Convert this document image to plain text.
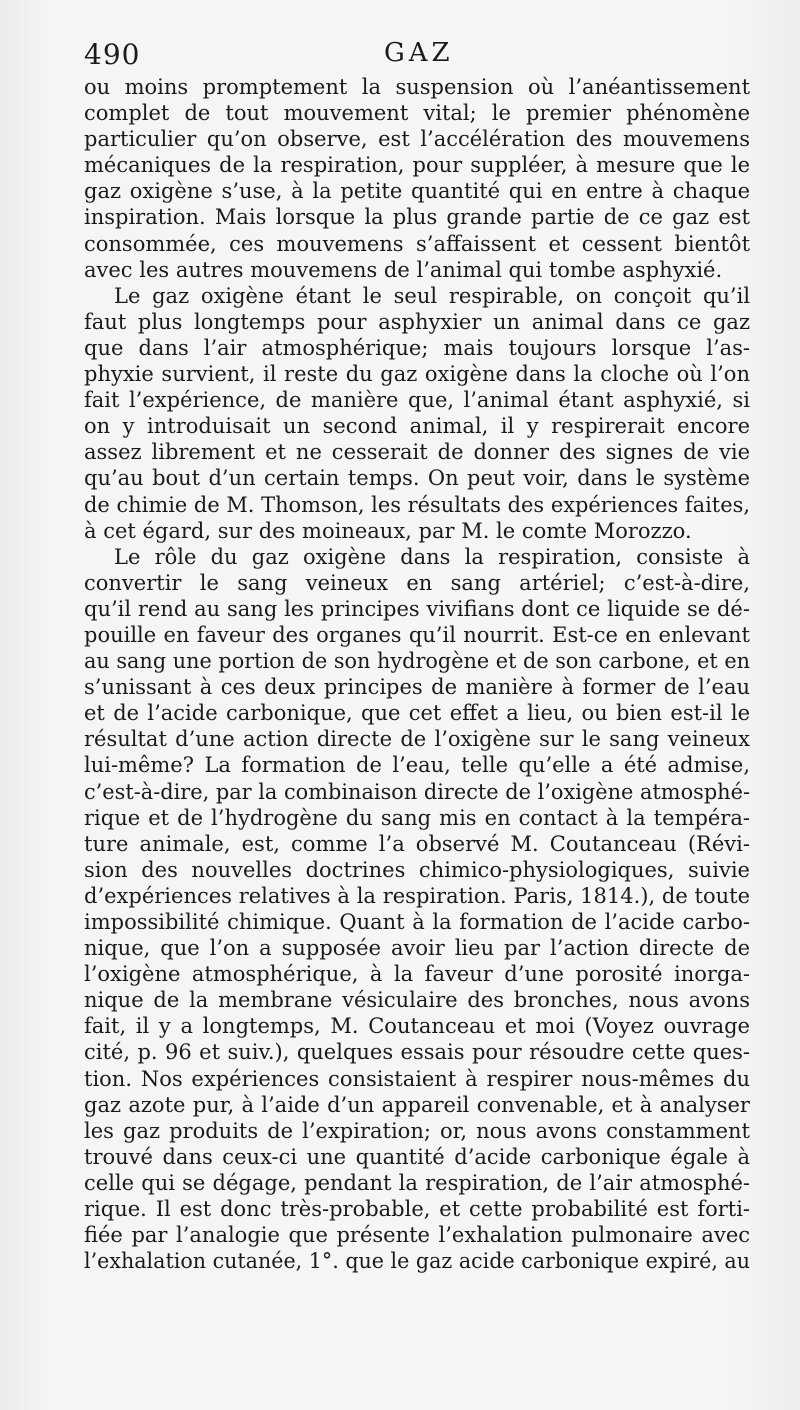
490	GAZ
ou moins promptement la suspension où l’anéantissement
complet de tout mouvement vital; le premier phénomène
particulier qu’on observe, est l’accélération des mouvemens
mécaniques de la respiration, pour suppléer, à mesure que le
gaz oxigène s’use, à la petite quantité qui en entre à chaque
inspiration. Mais lorsque la plus grande partie de ce gaz est
consommée, ces mouvemens s’affaissent et cessent bientôt
avec les autres mouvemens de l’animal qui tombe asphyxié.
Le gaz oxigène étant le seul respirable, on conçoit qu’il
faut plus longtemps pour asphyxier un animal dans ce gaz
que dans l’air atmosphérique; mais toujours lorsque l’as-
phyxie survient, il reste du gaz oxigène dans la cloche où l’on
fait l’expérience, de manière que, l’animal étant asphyxié, si
on y introduisait un second animal, il y respirerait encore
assez librement et ne cesserait de donner des signes de vie
qu’au bout d’un certain temps. On peut voir, dans le système
de chimie de M. Thomson, les résultats des expériences faites,
à cet égard, sur des moineaux, par M. le comte Morozzo.
Le rôle du gaz oxigène dans la respiration, consiste à
convertir le sang veineux en sang artériel; c’est-à-dire,
qu’il rend au sang les principes vivifians dont ce liquide se dé-
pouille en faveur des organes qu’il nourrit. Est-ce en enlevant
au sang une portion de son hydrogène et de son carbone, et en
s’unissant à ces deux principes de manière à former de l’eau
et de l’acide carbonique, que cet effet a lieu, ou bien est-il le
résultat d’une action directe de l’oxigène sur le sang veineux
lui-même? La formation de l’eau, telle qu’elle a été admise,
c’est-à-dire, par la combinaison directe de l’oxigène atmosphé-
rique et de l’hydrogène du sang mis en contact à la tempéra-
ture animale, est, comme l’a observé M. Coutanceau (Révi-
sion des nouvelles doctrines chimico-physiologiques, suivie
d’expériences relatives à la respiration. Paris, 1814.), de toute
impossibilité chimique. Quant à la formation de l’acide carbo-
nique, que l’on a supposée avoir lieu par l’action directe de
l’oxigène atmosphérique, à la faveur d’une porosité inorga-
nique de la membrane vésiculaire des bronches, nous avons
fait, il y a longtemps, M. Coutanceau et moi (Voyez ouvrage
cité, p. 96 et suiv.), quelques essais pour résoudre cette ques-
tion. Nos expériences consistaient à respirer nous-mêmes du
gaz azote pur, à l’aide d’un appareil convenable, et à analyser
les gaz produits de l’expiration; or, nous avons constamment
trouvé dans ceux-ci une quantité d’acide carbonique égale à
celle qui se dégage, pendant la respiration, de l’air atmosphé-
rique. Il est donc très-probable, et cette probabilité est forti-
fiée par l’analogie que présente l’exhalation pulmonaire avec
l’exhalation cutanée, 1°. que le gaz acide carbonique expiré, au
